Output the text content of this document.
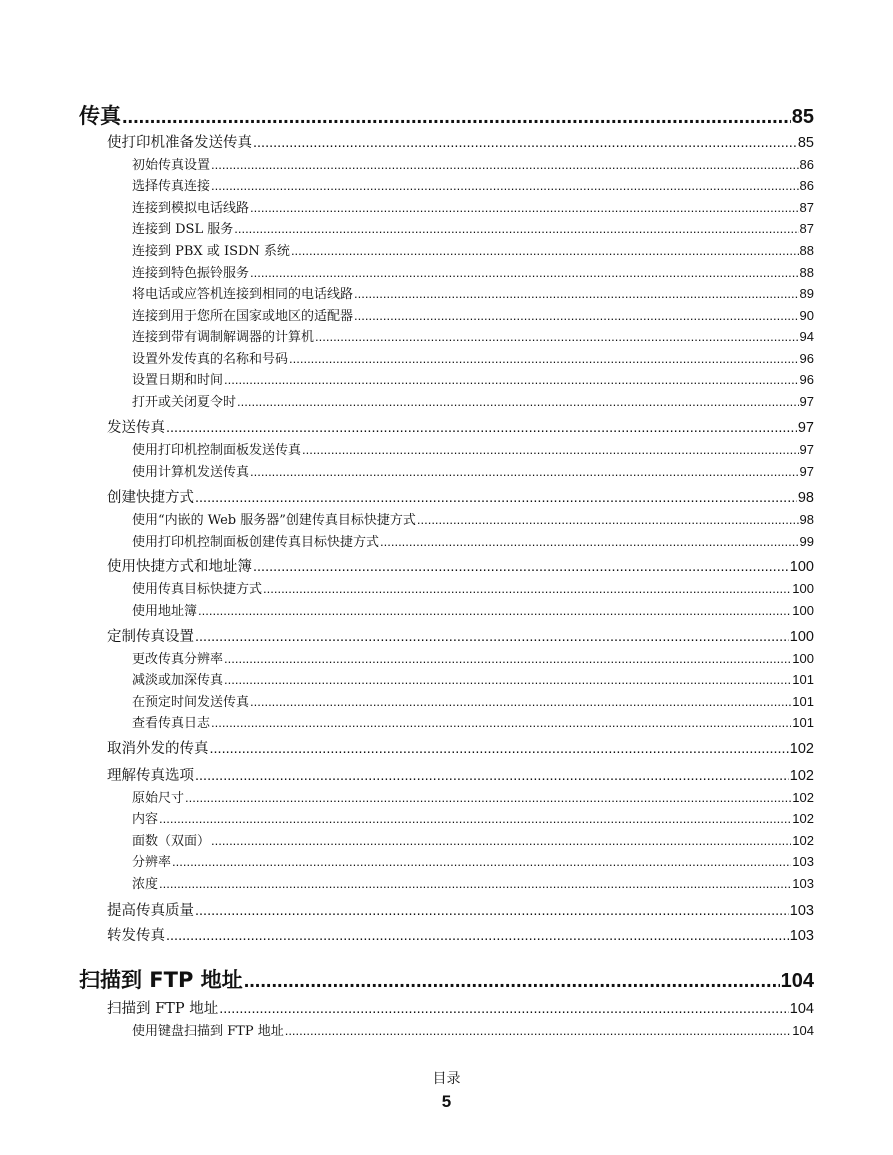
传真 .....	85
使打印机准备发送传真 .....	85
初始传真设置 .....	86
选择传真连接 .....	86
连接到模拟电话线路 .....	87
连接到 DSL 服务 .....	87
连接到 PBX 或 ISDN 系统 .....	88
连接到特色振铃服务 .....	88
将电话或应答机连接到相同的电话线路 .....	89
连接到用于您所在国家或地区的适配器 .....	90
连接到带有调制解调器的计算机 .....	94
设置外发传真的名称和号码 .....	96
设置日期和时间 .....	96
打开或关闭夏令时 .....	97
发送传真 .....	97
使用打印机控制面板发送传真 .....	97
使用计算机发送传真 .....	97
创建快捷方式 .....	98
使用“内嵌的 Web 服务器”创建传真目标快捷方式 .....	98
使用打印机控制面板创建传真目标快捷方式 .....	99
使用快捷方式和地址簿 .....	100
使用传真目标快捷方式 .....	100
使用地址簿 .....	100
定制传真设置 .....	100
更改传真分辨率 .....	100
减淡或加深传真 .....	101
在预定时间发送传真 .....	101
查看传真日志 .....	101
取消外发的传真 .....	102
理解传真选项 .....	102
原始尺寸 .....	102
内容 .....	102
面数（双面） .....	102
分辨率 .....	103
浓度 .....	103
提高传真质量 .....	103
转发传真 .....	103
扫描到 FTP 地址 .....	104
扫描到 FTP 地址 .....	104
使用键盘扫描到 FTP 地址 .....	104
目录
5
